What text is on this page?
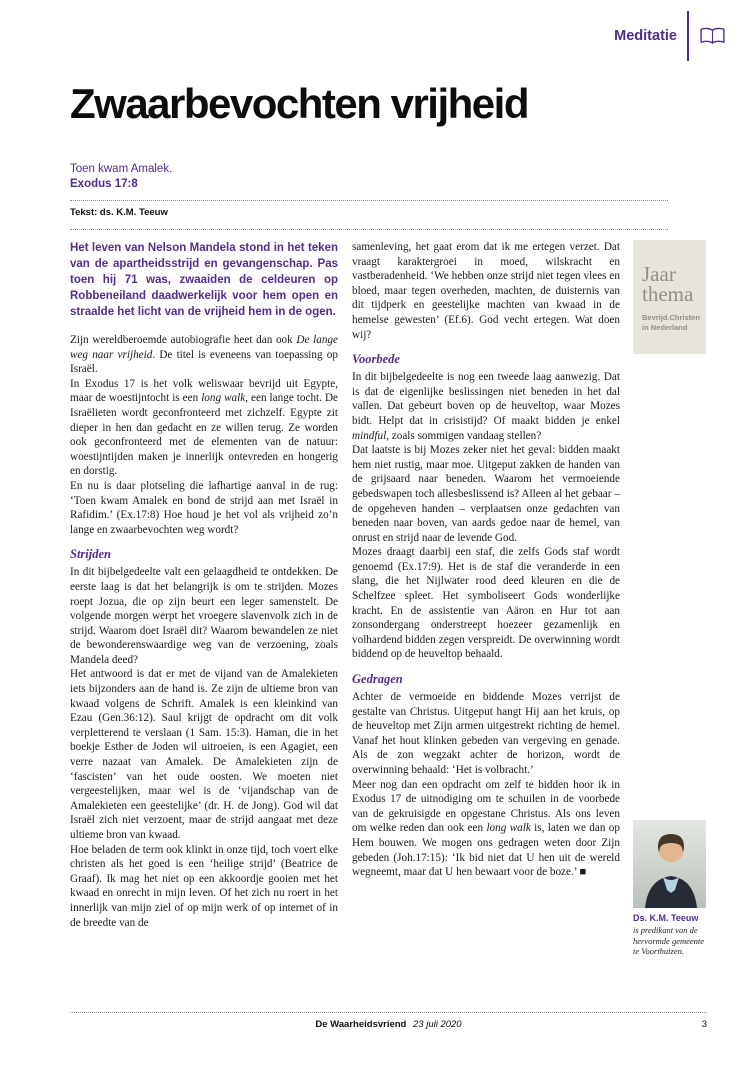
Meditatie
Zwaarbevochten vrijheid
Toen kwam Amalek.
Exodus 17:8
Tekst: ds. K.M. Teeuw

Het leven van Nelson Mandela stond in het teken van de apartheidsstrijd en gevangenschap. Pas toen hij 71 was, zwaaiden de celdeuren op Robbeneiland daadwerkelijk voor hem open en straalde het licht van de vrijheid hem in de ogen.

Zijn wereldberoemde autobiografie heet dan ook De lange weg naar vrijheid. De titel is eveneens van toepassing op Israël.

In Exodus 17 is het volk weliswaar bevrijd uit Egypte, maar de woestijntocht is een long walk, een lange tocht. De Israëlieten wordt geconfronteerd met zichzelf. Egypte zit dieper in hen dan gedacht en ze willen terug. Ze worden ook geconfronteerd met de elementen van de natuur: woestijntijden maken je innerlijk ontevreden en hongerig en dorstig.

En nu is daar plotseling die lafhartige aanval in de rug: ‘Toen kwam Amalek en bond de strijd aan met Israël in Rafidim.’ (Ex.17:8) Hoe houd je het vol als vrijheid zo’n lange en zwaarbevochten weg wordt?

Strijden

In dit bijbelgedeelte valt een gelaagdheid te ontdekken. De eerste laag is dat het belangrijk is om te strijden. Mozes roept Jozua, die op zijn beurt een leger samenstelt. De volgende morgen werpt het vroegere slavenvolk zich in de strijd. Waarom doet Israël dit? Waarom bewandelen ze niet de bewonderenswaardige weg van de verzoening, zoals Mandela deed?

Het antwoord is dat er met de vijand van de Amalekieten iets bijzonders aan de hand is. Ze zijn de ultieme bron van kwaad volgens de Schrift. Amalek is een kleinkind van Ezau (Gen.36:12). Saul krijgt de opdracht om dit volk verpletterend te verslaan (1 Sam. 15:3). Haman, die in het boekje Esther de Joden wil uitroeien, is een Agagiet, een verre nazaat van Amalek. De Amalekieten zijn de ‘fascisten’ van het oude oosten. We moeten niet vergeestelijken, maar wel is de ‘vijandschap van de Amalekieten een geestelijke’ (dr. H. de Jong). God wil dat Israël zich niet verzoent, maar de strijd aangaat met deze ultieme bron van kwaad.

Hoe beladen de term ook klinkt in onze tijd, toch voert elke christen als het goed is een ‘heilige strijd’ (Beatrice de Graaf). Ik mag het niet op een akkoordje gooien met het kwaad en onrecht in mijn leven. Of het zich nu roert in het innerlijk van mijn ziel of op mijn werk of op internet of in de breedte van de

samenleving, het gaat erom dat ik me ertegen verzet. Dat vraagt karaktergroei in moed, wilskracht en vastberadenheid. ‘We hebben onze strijd niet tegen vlees en bloed, maar tegen overheden, machten, de duisternis van dit tijdperk en geestelijke machten van kwaad in de hemelse gewesten’ (Ef.6). God vecht ertegen. Wat doen wij?

Voorbede

In dit bijbelgedeelte is nog een tweede laag aanwezig. Dat is dat de eigenlijke beslissingen niet beneden in het dal vallen. Dat gebeurt boven op de heuveltop, waar Mozes bidt. Helpt dat in crisistijd? Of maakt bidden je enkel mindful, zoals sommigen vandaag stellen?

Dat laatste is bij Mozes zeker niet het geval: bidden maakt hem niet rustig, maar moe. Uitgeput zakken de handen van de grijsaard naar beneden. Waarom het vermoeiende gebedswapen toch allesbeslissend is? Alleen al het gebaar – de opgeheven handen – verplaatsen onze gedachten van beneden naar boven, van aards gedoe naar de hemel, van onrust en strijd naar de levende God.

Mozes draagt daarbij een staf, die zelfs Gods staf wordt genoemd (Ex.17:9). Het is de staf die veranderde in een slang, die het Nijlwater rood deed kleuren en die de Schelfzee spleet. Het symboliseert Gods wonderlijke kracht. En de assistentie van Aäron en Hur tot aan zonsondergang onderstreept hoezeer gezamenlijk en volhardend bidden zegen verspreidt. De overwinning wordt biddend op de heuveltop behaald.

Gedragen

Achter de vermoeide en biddende Mozes verrijst de gestalte van Christus. Uitgeput hangt Hij aan het kruis, op de heuveltop met Zijn armen uitgestrekt richting de hemel. Vanaf het hout klinken gebeden van vergeving en genade. Als de zon wegzakt achter de horizon, wordt de overwinning behaald: ‘Het is volbracht.’

Meer nog dan een opdracht om zelf te bidden hoor ik in Exodus 17 de uitnodiging om te schuilen in de voorbede van de gekruisigde en opgestane Christus. Als ons leven om welke reden dan ook een long walk is, laten we dan op Hem bouwen. We mogen ons gedragen weten door Zijn gebeden (Joh.17:15): ‘Ik bid niet dat U hen uit de wereld wegneemt, maar dat U hen bewaart voor de boze.’ ■

Jaar
thema
Bevrijd.Christen
in Nederland
Ds. K.M. Teeuw
is predikant van de hervormde gemeente te Voorthuizen.
De Waarheidsvriend 23 juli 2020	3
